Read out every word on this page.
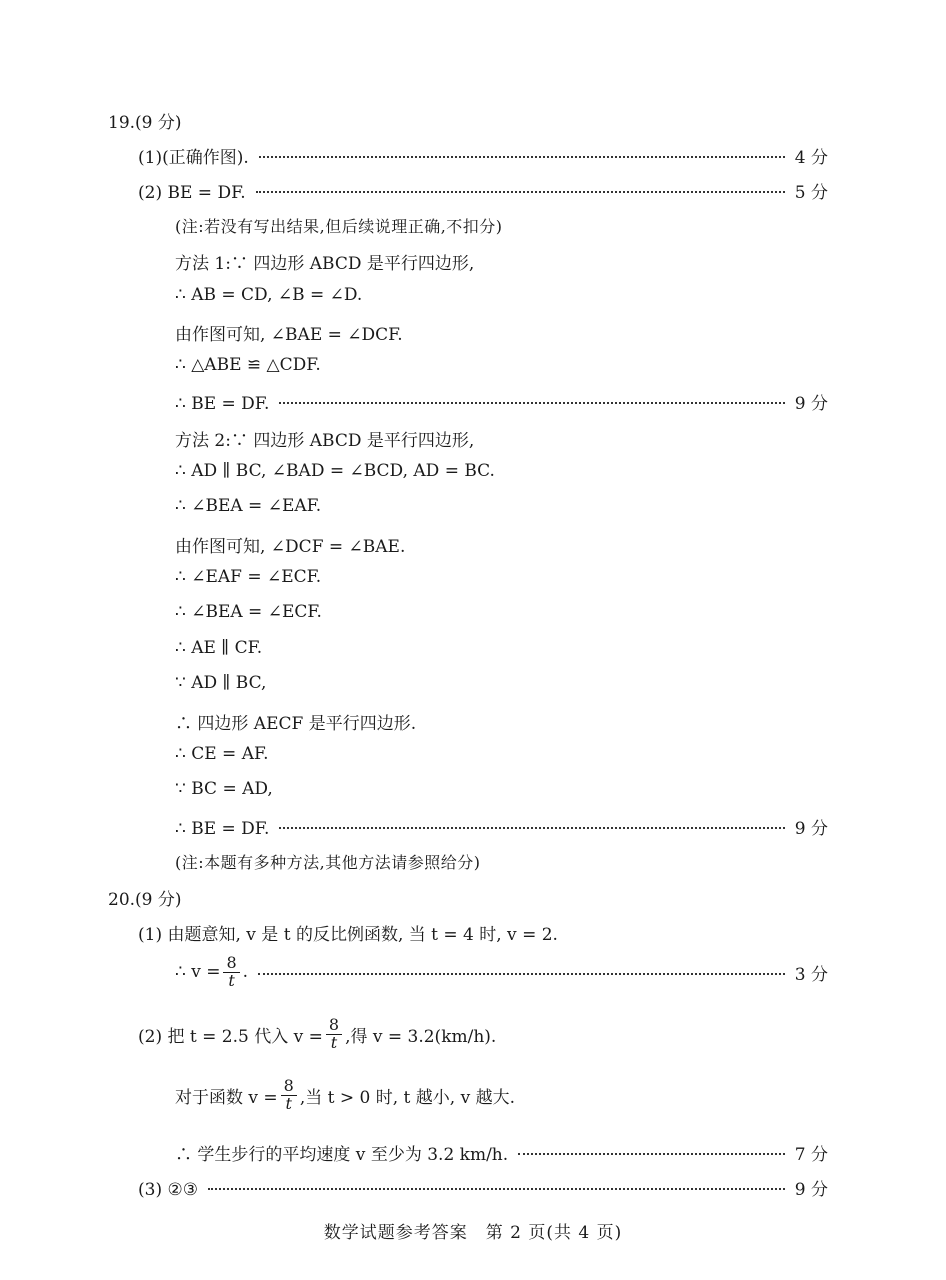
19.(9 分)
(1)(正确作图).	4 分
(2) BE = DF.	5 分
(注:若没有写出结果,但后续说理正确,不扣分)
方法 1:∵ 四边形 ABCD 是平行四边形,
∴ AB = CD, ∠B = ∠D.
由作图可知, ∠BAE = ∠DCF.
∴ △ABE ≌ △CDF.
∴ BE = DF.	9 分
方法 2:∵ 四边形 ABCD 是平行四边形,
∴ AD ∥ BC, ∠BAD = ∠BCD, AD = BC.
∴ ∠BEA = ∠EAF.
由作图可知, ∠DCF = ∠BAE.
∴ ∠EAF = ∠ECF.
∴ ∠BEA = ∠ECF.
∴ AE ∥ CF.
∵ AD ∥ BC,
∴ 四边形 AECF 是平行四边形.
∴ CE = AF.
∵ BC = AD,
∴ BE = DF.	9 分
(注:本题有多种方法,其他方法请参照给分)
20.(9 分)
(1) 由题意知, v 是 t 的反比例函数, 当 t = 4 时, v = 2.
∴ $v = \frac{8}{t}$ .	3 分
(2) 把 t = 2.5 代入 $v = \frac{8}{t}$ ,得 v = 3.2(km/h).
对于函数 $v = \frac{8}{t}$ ,当 t > 0 时, t 越小, v 越大.
∴ 学生步行的平均速度 v 至少为 3.2 km/h.	7 分
(3) ②③	9 分
数学试题参考答案　第 2 页(共 4 页)
